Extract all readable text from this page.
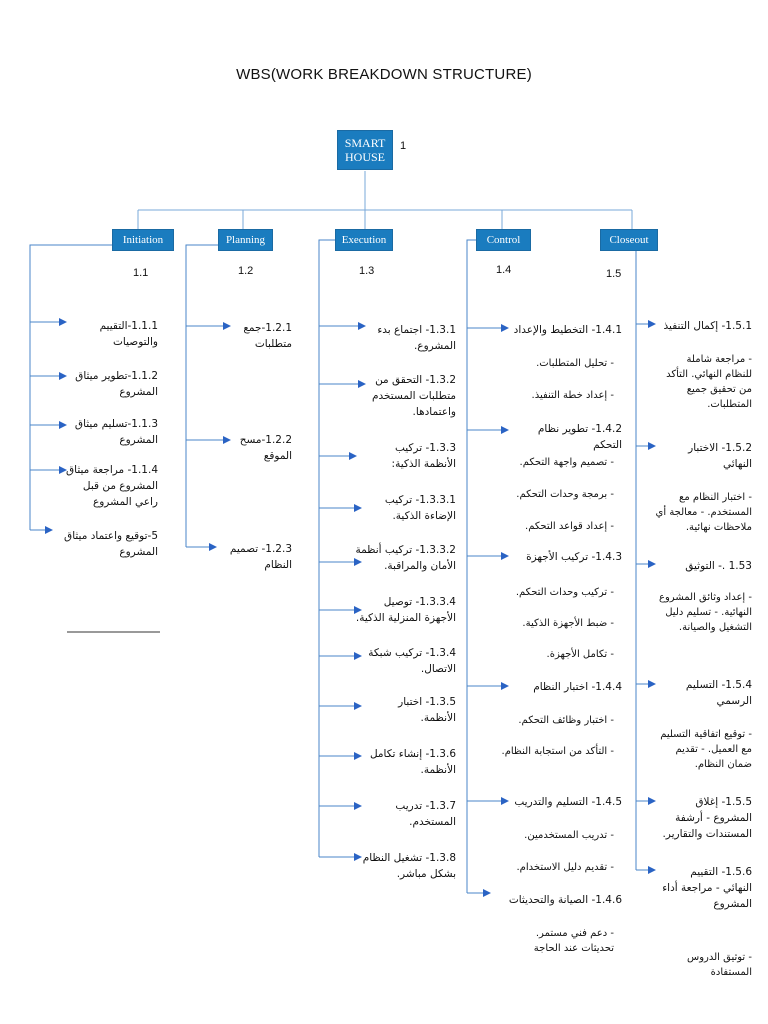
WBS(WORK BREAKDOWN STRUCTURE)
SMART HOUSE
1
Initiation	Planning	Execution	Control	Closeout
1.1	1.2	1.3	1.4	1.5
1.1.1-التقييم والتوصيات
1.1.2-تطوير ميثاق المشروع
1.1.3-تسليم ميثاق المشروع
1.1.4- مراجعة ميثاق المشروع من قبل راعي المشروع
5-توقيع واعتماد ميثاق المشروع
1.2.1-جمع متطلبات
1.2.2-مسح الموقع
1.2.3- تصميم النظام
1.3.1- اجتماع بدء المشروع.
1.3.2- التحقق من متطلبات المستخدم واعتمادها.
1.3.3- تركيب الأنظمة الذكية:
1.3.3.1- تركيب الإضاءة الذكية.
1.3.3.2- تركيب أنظمة الأمان والمراقبة.
1.3.3.4- توصيل الأجهزة المنزلية الذكية.
1.3.4- تركيب شبكة الاتصال.
1.3.5- اختبار الأنظمة.
1.3.6- إنشاء تكامل الأنظمة.
1.3.7- تدريب المستخدم.
1.3.8- تشغيل النظام بشكل مباشر.
1.4.1- التخطيط والإعداد
- تحليل المتطلبات.
- إعداد خطة التنفيذ.
1.4.2- تطوير نظام التحكم
- تصميم واجهة التحكم.
- برمجة وحدات التحكم.
- إعداد قواعد التحكم.
1.4.3- تركيب الأجهزة
- تركيب وحدات التحكم.
- ضبط الأجهزة الذكية.
- تكامل الأجهزة.
1.4.4- اختبار النظام
- اختبار وظائف التحكم.
- التأكد من استجابة النظام.
1.4.5- التسليم والتدريب
- تدريب المستخدمين.
- تقديم دليل الاستخدام.
1.4.6- الصيانة والتحديثات
- دعم فني مستمر. تحديثات عند الحاجة
1.5.1- إكمال التنفيذ
- مراجعة شاملة للنظام النهائي. التأكد من تحقيق جميع المتطلبات.
1.5.2- الاختبار النهائي
- اختبار النظام مع المستخدم. - معالجة أي ملاحظات نهائية.
1.53 .- التوثيق
- إعداد وثائق المشروع النهائية. - تسليم دليل التشغيل والصيانة.
1.5.4- التسليم الرسمي
- توقيع اتفاقية التسليم مع العميل. - تقديم ضمان النظام.
1.5.5- إغلاق المشروع - أرشفة المستندات والتقارير.
1.5.6- التقييم النهائي - مراجعة أداء المشروع
- توثيق الدروس المستفادة
